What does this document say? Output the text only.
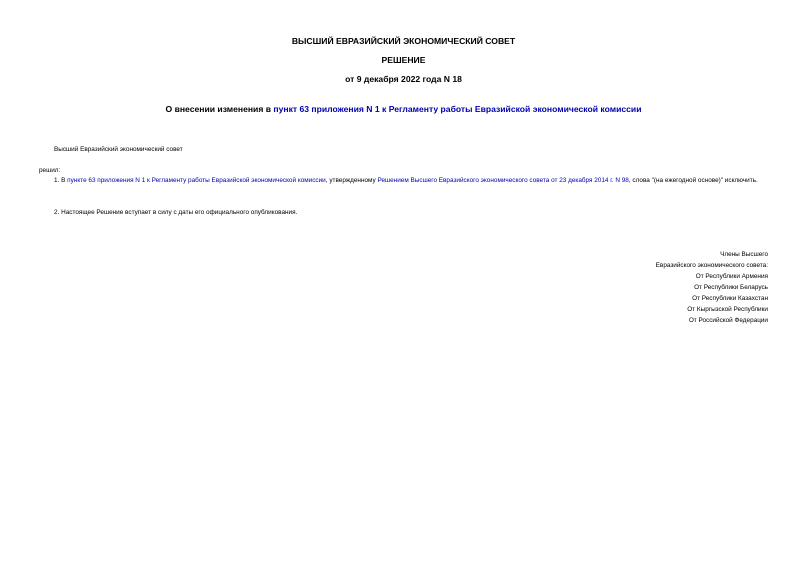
ВЫСШИЙ ЕВРАЗИЙСКИЙ ЭКОНОМИЧЕСКИЙ СОВЕТ
РЕШЕНИЕ
от 9 декабря 2022 года N 18
О внесении изменения в пункт 63 приложения N 1 к Регламенту работы Евразийской экономической комиссии
Высший Евразийский экономический совет
решил:
1. В пункте 63 приложения N 1 к Регламенту работы Евразийской экономической комиссии, утвержденному Решением Высшего Евразийского экономического совета от 23 декабря 2014 г. N 98, слова "(на ежегодной основе)" исключить.
2. Настоящее Решение вступает в силу с даты его официального опубликования.
Члены Высшего
Евразийского экономического совета:
От Республики Армения
От Республики Беларусь
От Республики Казахстан
От Кыргызской Республики
От Российской Федерации
